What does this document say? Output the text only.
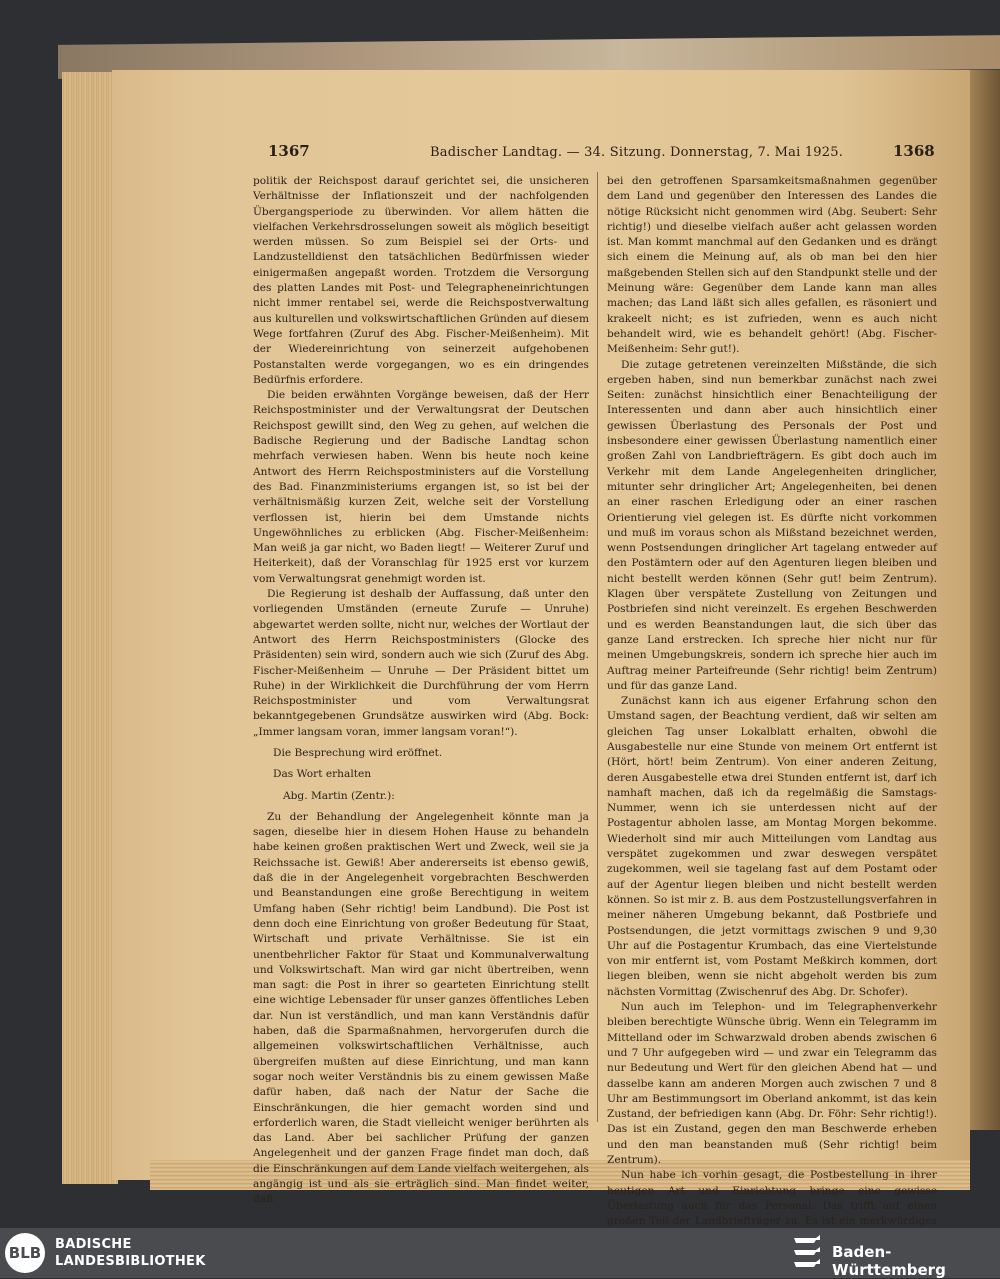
1367	Badischer Landtag. — 34. Sitzung. Donnerstag, 7. Mai 1925.	1368

politik der Reichspost darauf gerichtet sei, die unsicheren Verhältnisse der Inflationszeit und der nachfolgenden Übergangsperiode zu überwinden. Vor allem hätten die vielfachen Verkehrsdrosselungen soweit als möglich beseitigt werden müssen. So zum Beispiel sei der Orts- und Landzustelldienst den tatsächlichen Bedürfnissen wieder einigermaßen angepaßt worden. Trotzdem die Versorgung des platten Landes mit Post- und Telegrapheneinrichtungen nicht immer rentabel sei, werde die Reichspostverwaltung aus kulturellen und volkswirtschaftlichen Gründen auf diesem Wege fortfahren (Zuruf des Abg. Fischer-Meißenheim). Mit der Wiedereinrichtung von seinerzeit aufgehobenen Postanstalten werde vorgegangen, wo es ein dringendes Bedürfnis erfordere.

Die beiden erwähnten Vorgänge beweisen, daß der Herr Reichspostminister und der Verwaltungsrat der Deutschen Reichspost gewillt sind, den Weg zu gehen, auf welchen die Badische Regierung und der Badische Landtag schon mehrfach verwiesen haben. Wenn bis heute noch keine Antwort des Herrn Reichspostministers auf die Vorstellung des Bad. Finanzministeriums ergangen ist, so ist bei der verhältnismäßig kurzen Zeit, welche seit der Vorstellung verflossen ist, hierin bei dem Umstande nichts Ungewöhnliches zu erblicken (Abg. Fischer-Meißenheim: Man weiß ja gar nicht, wo Baden liegt! — Weiterer Zuruf und Heiterkeit), daß der Voranschlag für 1925 erst vor kurzem vom Verwaltungsrat genehmigt worden ist.

Die Regierung ist deshalb der Auffassung, daß unter den vorliegenden Umständen (erneute Zurufe — Unruhe) abgewartet werden sollte, nicht nur, welches der Wortlaut der Antwort des Herrn Reichspostministers (Glocke des Präsidenten) sein wird, sondern auch wie sich (Zuruf des Abg. Fischer-Meißenheim — Unruhe — Der Präsident bittet um Ruhe) in der Wirklichkeit die Durchführung der vom Herrn Reichspostminister und vom Verwaltungsrat bekanntgegebenen Grundsätze auswirken wird (Abg. Bock: „Immer langsam voran, immer langsam voran!“).

Die Besprechung wird eröffnet.

Das Wort erhalten

Abg. Martin (Zentr.):

Zu der Behandlung der Angelegenheit könnte man ja sagen, dieselbe hier in diesem Hohen Hause zu behandeln habe keinen großen praktischen Wert und Zweck, weil sie ja Reichssache ist. Gewiß! Aber andererseits ist ebenso gewiß, daß die in der Angelegenheit vorgebrachten Beschwerden und Beanstandungen eine große Berechtigung in weitem Umfang haben (Sehr richtig! beim Landbund). Die Post ist denn doch eine Einrichtung von großer Bedeutung für Staat, Wirtschaft und private Verhältnisse. Sie ist ein unentbehrlicher Faktor für Staat und Kommunalverwaltung und Volkswirtschaft. Man wird gar nicht übertreiben, wenn man sagt: die Post in ihrer so gearteten Einrichtung stellt eine wichtige Lebensader für unser ganzes öffentliches Leben dar. Nun ist verständlich, und man kann Verständnis dafür haben, daß die Sparmaßnahmen, hervorgerufen durch die allgemeinen volkswirtschaftlichen Verhältnisse, auch übergreifen mußten auf diese Einrichtung, und man kann sogar noch weiter Verständnis bis zu einem gewissen Maße dafür haben, daß nach der Natur der Sache die Einschränkungen, die hier gemacht worden sind und erforderlich waren, die Stadt vielleicht weniger berührten als das Land. Aber bei sachlicher Prüfung der ganzen Angelegenheit und der ganzen Frage findet man doch, daß die Einschränkungen auf dem Lande vielfach weitergehen, als angängig ist und als sie erträglich sind. Man findet weiter, daß

bei den getroffenen Sparsamkeitsmaßnahmen gegenüber dem Land und gegenüber den Interessen des Landes die nötige Rücksicht nicht genommen wird (Abg. Seubert: Sehr richtig!) und dieselbe vielfach außer acht gelassen worden ist. Man kommt manchmal auf den Gedanken und es drängt sich einem die Meinung auf, als ob man bei den hier maßgebenden Stellen sich auf den Standpunkt stelle und der Meinung wäre: Gegenüber dem Lande kann man alles machen; das Land läßt sich alles gefallen, es räsoniert und krakeelt nicht; es ist zufrieden, wenn es auch nicht behandelt wird, wie es behandelt gehört! (Abg. Fischer-Meißenheim: Sehr gut!).

Die zutage getretenen vereinzelten Mißstände, die sich ergeben haben, sind nun bemerkbar zunächst nach zwei Seiten: zunächst hinsichtlich einer Benachteiligung der Interessenten und dann aber auch hinsichtlich einer gewissen Überlastung des Personals der Post und insbesondere einer gewissen Überlastung namentlich einer großen Zahl von Landbriefträgern. Es gibt doch auch im Verkehr mit dem Lande Angelegenheiten dringlicher, mitunter sehr dringlicher Art; Angelegenheiten, bei denen an einer raschen Erledigung oder an einer raschen Orientierung viel gelegen ist. Es dürfte nicht vorkommen und muß im voraus schon als Mißstand bezeichnet werden, wenn Postsendungen dringlicher Art tagelang entweder auf den Postämtern oder auf den Agenturen liegen bleiben und nicht bestellt werden können (Sehr gut! beim Zentrum). Klagen über verspätete Zustellung von Zeitungen und Postbriefen sind nicht vereinzelt. Es ergehen Beschwerden und es werden Beanstandungen laut, die sich über das ganze Land erstrecken. Ich spreche hier nicht nur für meinen Umgebungskreis, sondern ich spreche hier auch im Auftrag meiner Parteifreunde (Sehr richtig! beim Zentrum) und für das ganze Land.

Zunächst kann ich aus eigener Erfahrung schon den Umstand sagen, der Beachtung verdient, daß wir selten am gleichen Tag unser Lokalblatt erhalten, obwohl die Ausgabestelle nur eine Stunde von meinem Ort entfernt ist (Hört, hört! beim Zentrum). Von einer anderen Zeitung, deren Ausgabestelle etwa drei Stunden entfernt ist, darf ich namhaft machen, daß ich da regelmäßig die Samstags-Nummer, wenn ich sie unterdessen nicht auf der Postagentur abholen lasse, am Montag Morgen bekomme. Wiederholt sind mir auch Mitteilungen vom Landtag aus verspätet zugekommen und zwar deswegen verspätet zugekommen, weil sie tagelang fast auf dem Postamt oder auf der Agentur liegen bleiben und nicht bestellt werden können. So ist mir z. B. aus dem Postzustellungsverfahren in meiner näheren Umgebung bekannt, daß Postbriefe und Postsendungen, die jetzt vormittags zwischen 9 und 9,30 Uhr auf die Postagentur Krumbach, das eine Viertelstunde von mir entfernt ist, vom Postamt Meßkirch kommen, dort liegen bleiben, wenn sie nicht abgeholt werden bis zum nächsten Vormittag (Zwischenruf des Abg. Dr. Schofer).

Nun auch im Telephon- und im Telegraphenverkehr bleiben berechtigte Wünsche übrig. Wenn ein Telegramm im Mittelland oder im Schwarzwald droben abends zwischen 6 und 7 Uhr aufgegeben wird — und zwar ein Telegramm das nur Bedeutung und Wert für den gleichen Abend hat — und dasselbe kann am anderen Morgen auch zwischen 7 und 8 Uhr am Bestimmungsort im Oberland ankommt, ist das kein Zustand, der befriedigen kann (Abg. Dr. Föhr: Sehr richtig!). Das ist ein Zustand, gegen den man Beschwerde erheben und den man beanstanden muß (Sehr richtig! beim Zentrum).

Nun habe ich vorhin gesagt, die Postbestellung in ihrer heutigen Art und Einrichtung bringe eine gewisse Überlastung auch für das Personal. Das trifft auf einen großen Teil der Landbriefträger zu. Es ist ein merkwürdiges

BLB BADISCHE
LANDESBIBLIOTHEK
Baden-Württemberg
